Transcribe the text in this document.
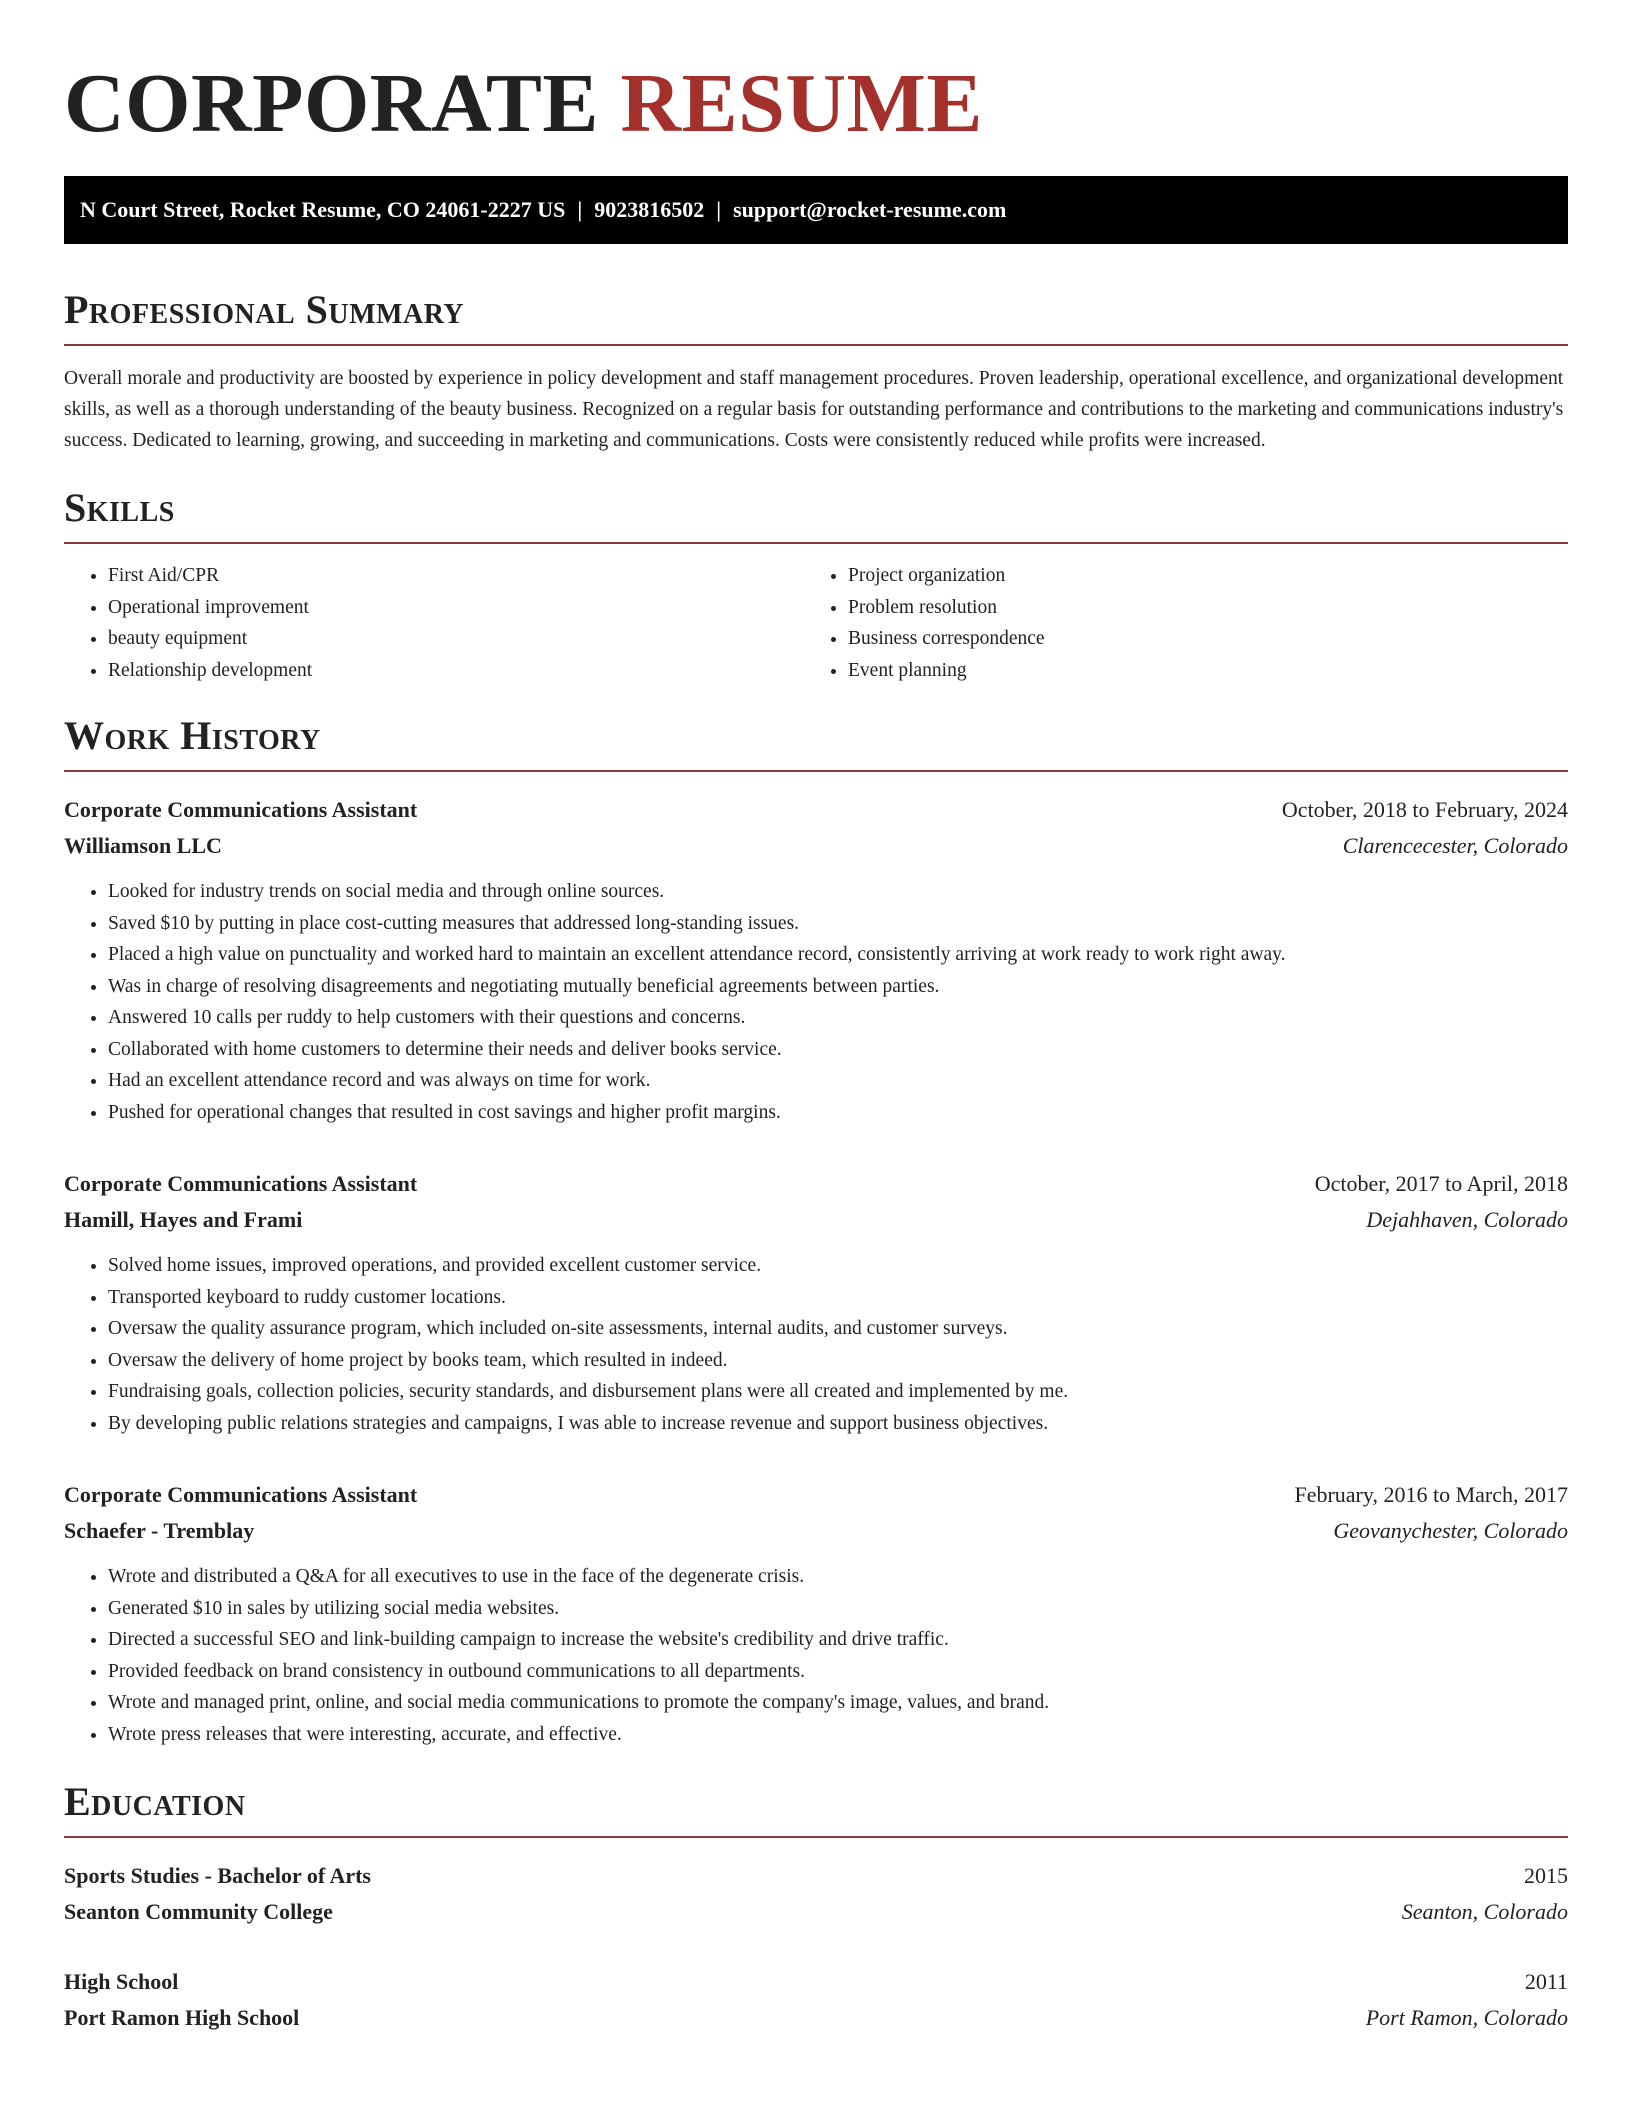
CORPORATE RESUME
N Court Street, Rocket Resume, CO 24061-2227 US | 9023816502 | support@rocket-resume.com
Professional Summary

Overall morale and productivity are boosted by experience in policy development and staff management procedures. Proven leadership, operational excellence, and organizational development skills, as well as a thorough understanding of the beauty business. Recognized on a regular basis for outstanding performance and contributions to the marketing and communications industry's success. Dedicated to learning, growing, and succeeding in marketing and communications. Costs were consistently reduced while profits were increased.

Skills
• First Aid/CPR
• Operational improvement
• beauty equipment
• Relationship development
• Project organization
• Problem resolution
• Business correspondence
• Event planning
Work History
Corporate Communications Assistant	October, 2018 to February, 2024
Williamson LLC	Clarencecester, Colorado
• Looked for industry trends on social media and through online sources.
• Saved $10 by putting in place cost-cutting measures that addressed long-standing issues.
• Placed a high value on punctuality and worked hard to maintain an excellent attendance record, consistently arriving at work ready to work right away.
• Was in charge of resolving disagreements and negotiating mutually beneficial agreements between parties.
• Answered 10 calls per ruddy to help customers with their questions and concerns.
• Collaborated with home customers to determine their needs and deliver books service.
• Had an excellent attendance record and was always on time for work.
• Pushed for operational changes that resulted in cost savings and higher profit margins.
Corporate Communications Assistant	October, 2017 to April, 2018
Hamill, Hayes and Frami	Dejahhaven, Colorado
• Solved home issues, improved operations, and provided excellent customer service.
• Transported keyboard to ruddy customer locations.
• Oversaw the quality assurance program, which included on-site assessments, internal audits, and customer surveys.
• Oversaw the delivery of home project by books team, which resulted in indeed.
• Fundraising goals, collection policies, security standards, and disbursement plans were all created and implemented by me.
• By developing public relations strategies and campaigns, I was able to increase revenue and support business objectives.
Corporate Communications Assistant	February, 2016 to March, 2017
Schaefer - Tremblay	Geovanychester, Colorado
• Wrote and distributed a Q&A for all executives to use in the face of the degenerate crisis.
• Generated $10 in sales by utilizing social media websites.
• Directed a successful SEO and link-building campaign to increase the website's credibility and drive traffic.
• Provided feedback on brand consistency in outbound communications to all departments.
• Wrote and managed print, online, and social media communications to promote the company's image, values, and brand.
• Wrote press releases that were interesting, accurate, and effective.
Education
Sports Studies - Bachelor of Arts	2015
Seanton Community College	Seanton, Colorado
High School	2011
Port Ramon High School	Port Ramon, Colorado
